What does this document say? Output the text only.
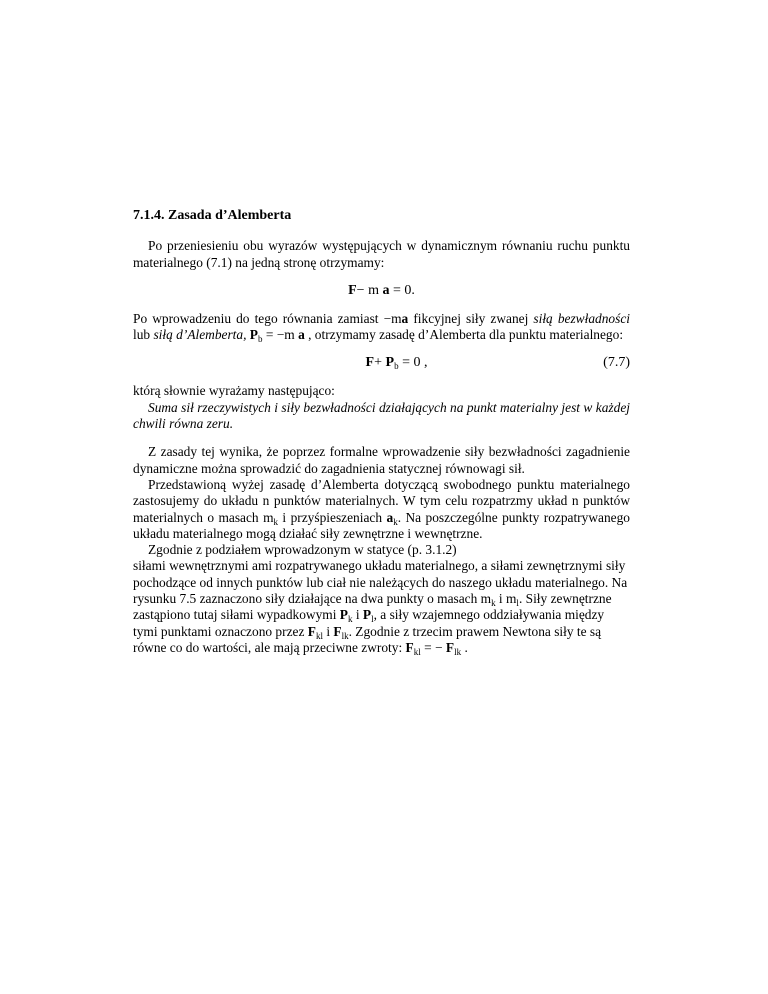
7.1.4. Zasada d’Alemberta

Po przeniesieniu obu wyrazów występujących w dynamicznym równaniu ruchu punktu materialnego (7.1) na jedną stronę otrzymamy:

F− m a = 0.

Po wprowadzeniu do tego równania zamiast −ma fikcyjnej siły zwanej siłą bezwładności lub siłą d’Alemberta, $P_b = -m$ a , otrzymamy zasadę d’Alemberta dla punktu materialnego:

$F+ P_b = 0$ ,	(7.7)

którą słownie wyrażamy następująco:

Suma sił rzeczywistych i siły bezwładności działających na punkt materialny jest w każdej chwili równa zeru.

Z zasady tej wynika, że poprzez formalne wprowadzenie siły bezwładności zagadnienie dynamiczne można sprowadzić do zagadnienia statycznej równowagi sił.

Przedstawioną wyżej zasadę d’Alemberta dotyczącą swobodnego punktu materialnego zastosujemy do układu n punktów materialnych. W tym celu rozpatrzmy układ n punktów materialnych o masach $m_k$ i przyśpieszeniach $a_k$. Na poszczególne punkty rozpatrywanego układu materialnego mogą działać siły zewnętrzne i wewnętrzne.

Zgodnie z podziałem wprowadzonym w statyce (p. 3.1.2)

siłami wewnętrznymi ami rozpatrywanego układu materialnego, a siłami zewnętrznymi siły pochodzące od innych punktów lub ciał nie należących do naszego układu materialnego. Na rysunku 7.5 zaznaczono siły działające na dwa punkty o masach $m_k$ i $m_l$. Siły zewnętrzne zastąpiono tutaj siłami wypadkowymi $P_k$ i $P_l$, a siły wzajemnego oddziaływania między tymi punktami oznaczono przez $F_{kl}$ i $F_{lk}$. Zgodnie z trzecim prawem Newtona siły te są równe co do wartości, ale mają przeciwne zwroty: $F_{kl}$ = − $F_{lk}$ .
